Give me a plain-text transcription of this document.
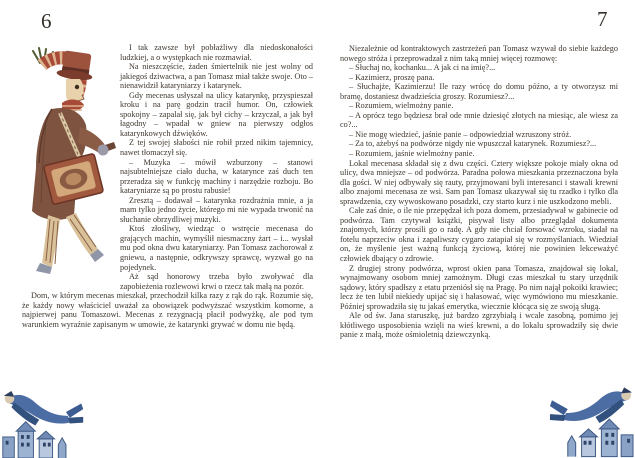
6	7

I tak zawsze był pobłażliwy dla niedoskonałości ludzkiej, a o występkach nie rozmawiał.

Na nieszczęście, żaden śmiertelnik nie jest wolny od jakiegoś dziwactwa, a pan Tomasz miał także swoje. Oto – nienawidził kataryniarzy i katarynek.

Gdy mecenas usłyszał na ulicy katarynkę, przyspieszał kroku i na parę godzin tracił humor. On, człowiek spokojny – zapalał się, jak był cichy – krzyczał, a jak był łagodny – wpadał w gniew na pierwszy odgłos katarynkowych dźwięków.

Z tej swojej słabości nie robił przed nikim tajemnicy, nawet tłomaczył się.

– Muzyka – mówił wzburzony – stanowi najsubtelniejsze ciało ducha, w katarynce zaś duch ten przeradza się w funkcję machiny i narzędzie rozboju. Bo kataryniarze są po prostu rabusie!

Zresztą – dodawał – katarynka rozdrażnia mnie, a ja mam tylko jedno życie, którego mi nie wypada trwonić na słuchanie obrzydliwej muzyki.

Ktoś złośliwy, wiedząc o wstręcie mecenasa do grających machin, wymyślił niesmaczny żart – i... wysłał mu pod okna dwu kataryniarzy. Pan Tomasz zachorował z gniewu, a następnie, odkrywszy sprawcę, wyzwał go na pojedynek.

Aż sąd honorowy trzeba było zwoływać dla zapobieżenia rozlewowi krwi o rzecz tak małą na pozór.

Dom, w którym mecenas mieszkał, przechodził kilka razy z rąk do rąk. Rozumie się, że każdy nowy właściciel uważał za obowiązek podwyższać wszystkim komorne, a najpierwej panu Tomaszowi. Mecenas z rezygnacją płacił podwyżkę, ale pod tym warunkiem wyraźnie zapisanym w umowie, że katarynki grywać w domu nie będą.

Niezależnie od kontraktowych zastrzeżeń pan Tomasz wzywał do siebie każdego nowego stróża i przeprowadzał z nim taką mniej więcej rozmowę:

– Słuchaj no, kochanku... A jak ci na imię?...

– Kazimierz, proszę pana.

– Słuchajże, Kazimierzu! Ile razy wrócę do domu późno, a ty otworzysz mi bramę, dostaniesz dwadzieścia groszy. Rozumiesz?...

– Rozumiem, wielmożny panie.

– A oprócz tego będziesz brał ode mnie dziesięć złotych na miesiąc, ale wiesz za co?...

– Nie mogę wiedzieć, jaśnie panie – odpowiedział wzruszony stróż.

– Za to, ażebyś na podwórze nigdy nie wpuszczał katarynek. Rozumiesz?...

– Rozumiem, jaśnie wielmożny panie.

Lokal mecenasa składał się z dwu części. Cztery większe pokoje miały okna od ulicy, dwa mniejsze – od podwórza. Paradna połowa mieszkania przeznaczona była dla gości. W niej odbywały się rauty, przyjmowani byli interesanci i stawali krewni albo znajomi mecenasa ze wsi. Sam pan Tomasz ukazywał się tu rzadko i tylko dla sprawdzenia, czy wywoskowano posadzki, czy starto kurz i nie uszkodzono mebli.

Całe zaś dnie, o ile nie przepędzał ich poza domem, przesiadywał w gabinecie od podwórza. Tam czytywał książki, pisywał listy albo przeglądał dokumenta znajomych, którzy prosili go o radę. A gdy nie chciał forsować wzroku, siadał na fotelu naprzeciw okna i zapaliwszy cygaro zatapiał się w rozmyślaniach. Wiedział on, że myślenie jest ważną funkcją życiową, której nie powinien lekceważyć człowiek dbający o zdrowie.

Z drugiej strony podwórza, wprost okien pana Tomasza, znajdował się lokal, wynajmowany osobom mniej zamożnym. Długi czas mieszkał tu stary urzędnik sądowy, który spadłszy z etatu przeniósł się na Pragę. Po nim najął pokoiki krawiec; lecz że ten lubił niekiedy upijać się i hałasować, więc wymówiono mu mieszkanie. Później sprowadziła się tu jakaś emerytka, wiecznie kłócąca się ze swoją sługą.

Ale od św. Jana staruszkę, już bardzo zgrzybiałą i wcale zasobną, pomimo jej kłótliwego usposobienia wzięli na wieś krewni, a do lokalu sprowadziły się dwie panie z małą, może ośmioletnią dziewczynką.
